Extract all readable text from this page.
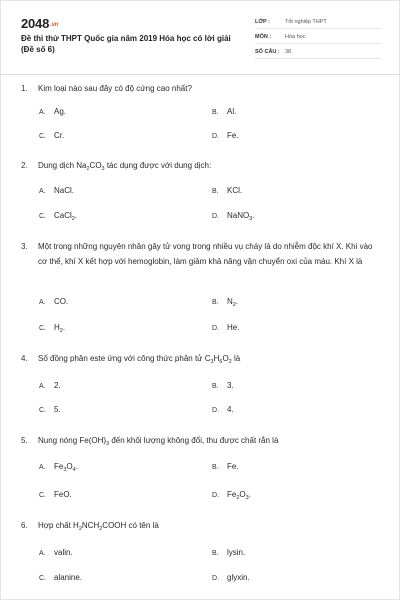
2048.vn
Đề thi thử THPT Quốc gia năm 2019 Hóa học có lời giải (Đề số 6)
LỚP :	Tốt nghiệp THPT
MÔN :	Hóa học
SỐ CÂU : 38
1.	Kim loại nào sau đây có độ cứng cao nhất?
A.	Ag.	B.	Al.
C.	Cr.	D.	Fe.
2.	Dung dịch $Na_2CO_3$ tác dụng được với dung dịch:
A.	NaCl.	B.	KCl.
C.	CaCl$_2$.	D.	NaNO$_3$.
3.	Một trong những nguyên nhân gây tử vong trong nhiều vụ cháy là do nhiễm độc khí X. Khi vào cơ thể, khí X kết hợp với hemoglobin, làm giảm khả năng vận chuyển oxi của máu. Khí X là
A.	CO.	B.	$N_2$.
C.	$H_2$.	D.	He.
4.	Số đồng phân este ứng với công thức phân tử $C_3H_6O_2$ là
A.	2.	B.	3.
C.	5.	D.	4.
5.	Nung nóng $Fe(OH)_3$ đến khối lượng không đổi, thu được chất rắn là
A.	$Fe_3O_4$.	B.	Fe.
C.	FeO.	D.	$Fe_2O_3$.
6.	Hợp chất $H_2NCH_2COOH$ có tên là
A.	valin.	B.	lysin.
C.	alanine.	D.	glyxin.
